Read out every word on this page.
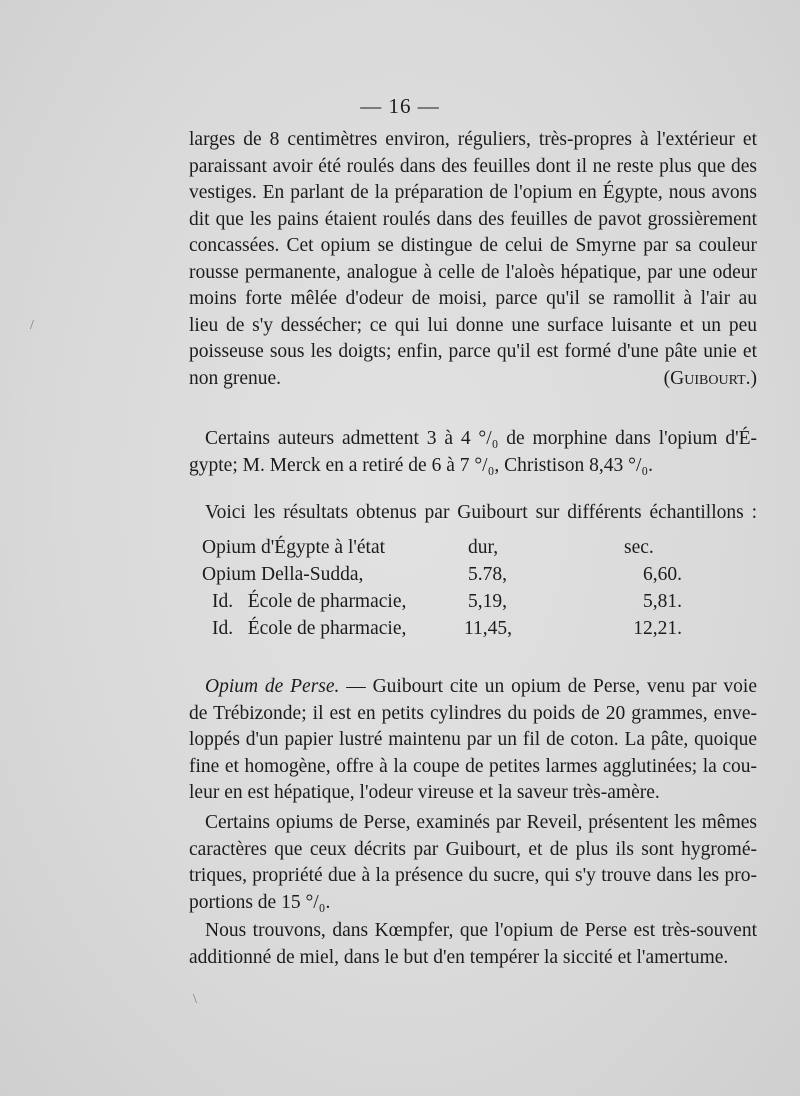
— 16 —
larges de 8 centimètres environ, réguliers, très-propres à l'extérieur et
paraissant avoir été roulés dans des feuilles dont il ne reste plus que des
vestiges. En parlant de la préparation de l'opium en Égypte, nous avons
dit que les pains étaient roulés dans des feuilles de pavot grossièrement
concassées. Cet opium se distingue de celui de Smyrne par sa couleur
rousse permanente, analogue à celle de l'aloès hépatique, par une odeur
moins forte mêlée d'odeur de moisi, parce qu'il se ramollit à l'air au
lieu de s'y dessécher; ce qui lui donne une surface luisante et un peu
poisseuse sous les doigts; enfin, parce qu'il est formé d'une pâte unie et
non grenue.	(Guibourt.)
Certains auteurs admettent 3 à 4 °/₀ de morphine dans l'opium d'É-
gypte; M. Merck en a retiré de 6 à 7 °/₀, Christison 8,43 °/₀.
Voici les résultats obtenus par Guibourt sur différents échantillons :
Opium d'Égypte à l'état	dur,	sec.
Opium Della-Sudda,	5.78,	6,60.
Id.   École de pharmacie,	5,19,	5,81.
Id.   École de pharmacie,	11,45,	12,21.
Opium de Perse. — Guibourt cite un opium de Perse, venu par voie
de Trébizonde; il est en petits cylindres du poids de 20 grammes, enve-
loppés d'un papier lustré maintenu par un fil de coton. La pâte, quoique
fine et homogène, offre à la coupe de petites larmes agglutinées; la cou-
leur en est hépatique, l'odeur vireuse et la saveur très-amère.
Certains opiums de Perse, examinés par Reveil, présentent les mêmes
caractères que ceux décrits par Guibourt, et de plus ils sont hygromé-
triques, propriété due à la présence du sucre, qui s'y trouve dans les pro-
portions de 15 °/₀.
Nous trouvons, dans Kœmpfer, que l'opium de Perse est très-souvent
additionné de miel, dans le but d'en tempérer la siccité et l'amertume.
/
\
